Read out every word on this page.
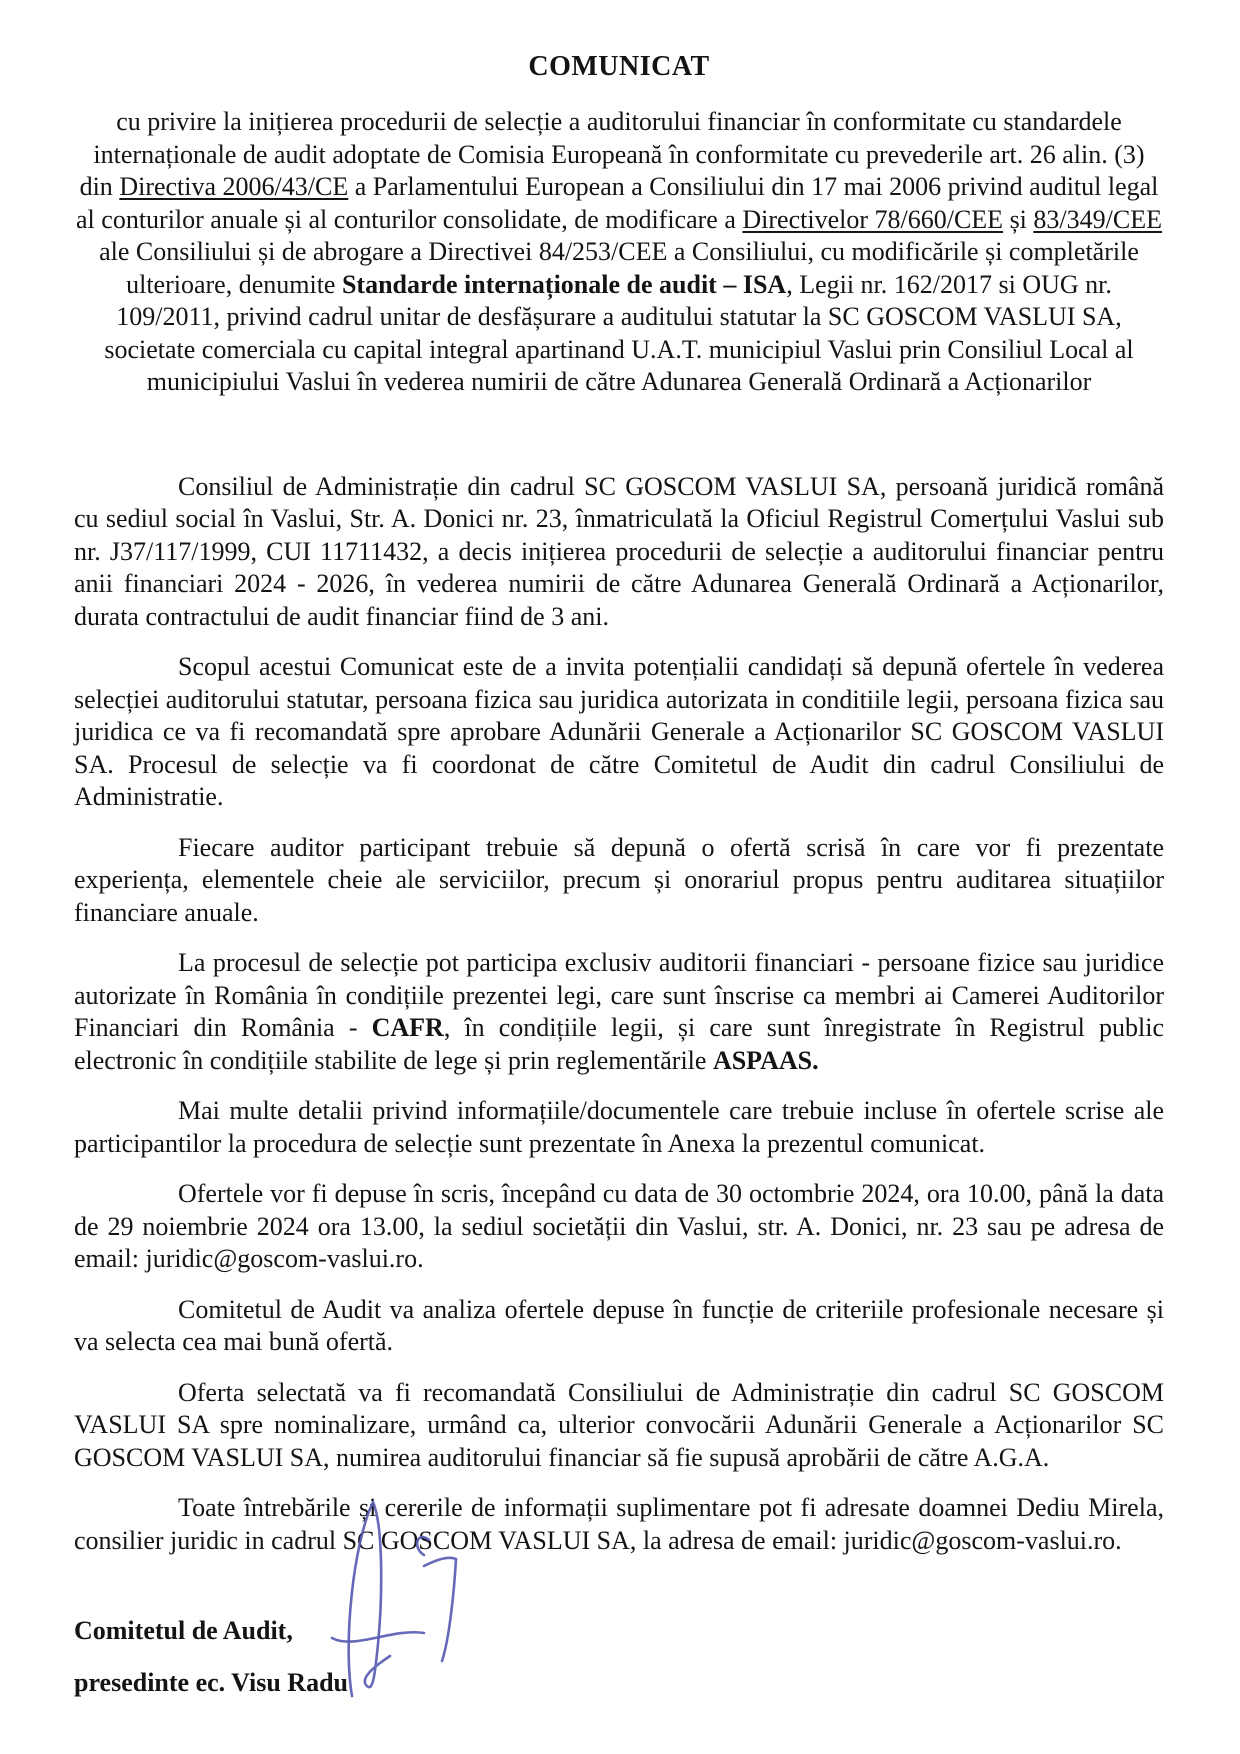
COMUNICAT

cu privire la inițierea procedurii de selecție a auditorului financiar în conformitate cu standardele internaționale de audit adoptate de Comisia Europeană în conformitate cu prevederile art. 26 alin. (3) din Directiva 2006/43/CE a Parlamentului European a Consiliului din 17 mai 2006 privind auditul legal al conturilor anuale și al conturilor consolidate, de modificare a Directivelor 78/660/CEE și 83/349/CEE ale Consiliului și de abrogare a Directivei 84/253/CEE a Consiliului, cu modificările și completările ulterioare, denumite Standarde internaționale de audit – ISA, Legii nr. 162/2017 si OUG nr. 109/2011, privind cadrul unitar de desfășurare a auditului statutar la SC GOSCOM VASLUI SA, societate comerciala cu capital integral apartinand U.A.T. municipiul Vaslui prin Consiliul Local al municipiului Vaslui în vederea numirii de către Adunarea Generală Ordinară a Acționarilor

Consiliul de Administrație din cadrul SC GOSCOM VASLUI SA, persoană juridică română cu sediul social în Vaslui, Str. A. Donici nr. 23, înmatriculată la Oficiul Registrul Comerțului Vaslui sub nr. J37/117/1999, CUI 11711432, a decis inițierea procedurii de selecție a auditorului financiar pentru anii financiari 2024 - 2026, în vederea numirii de către Adunarea Generală Ordinară a Acționarilor, durata contractului de audit financiar fiind de 3 ani.

Scopul acestui Comunicat este de a invita potențialii candidați să depună ofertele în vederea selecției auditorului statutar, persoana fizica sau juridica autorizata in conditiile legii, persoana fizica sau juridica ce va fi recomandată spre aprobare Adunării Generale a Acționarilor SC GOSCOM VASLUI SA. Procesul de selecție va fi coordonat de către Comitetul de Audit din cadrul Consiliului de Administratie.

Fiecare auditor participant trebuie să depună o ofertă scrisă în care vor fi prezentate experiența, elementele cheie ale serviciilor, precum și onorariul propus pentru auditarea situațiilor financiare anuale.

La procesul de selecție pot participa exclusiv auditorii financiari - persoane fizice sau juridice autorizate în România în condițiile prezentei legi, care sunt înscrise ca membri ai Camerei Auditorilor Financiari din România - CAFR, în condițiile legii, și care sunt înregistrate în Registrul public electronic în condițiile stabilite de lege și prin reglementările ASPAAS.

Mai multe detalii privind informațiile/documentele care trebuie incluse în ofertele scrise ale participantilor la procedura de selecție sunt prezentate în Anexa la prezentul comunicat.

Ofertele vor fi depuse în scris, începând cu data de 30 octombrie 2024, ora 10.00, până la data de 29 noiembrie 2024 ora 13.00, la sediul societății din Vaslui, str. A. Donici, nr. 23 sau pe adresa de email: juridic@goscom-vaslui.ro.

Comitetul de Audit va analiza ofertele depuse în funcție de criteriile profesionale necesare și va selecta cea mai bună ofertă.

Oferta selectată va fi recomandată Consiliului de Administrație din cadrul SC GOSCOM VASLUI SA spre nominalizare, urmând ca, ulterior convocării Adunării Generale a Acționarilor SC GOSCOM VASLUI SA, numirea auditorului financiar să fie supusă aprobării de către A.G.A.

Toate întrebările și cererile de informații suplimentare pot fi adresate doamnei Dediu Mirela, consilier juridic in cadrul SC GOSCOM VASLUI SA, la adresa de email: juridic@goscom-vaslui.ro.

Comitetul de Audit,

presedinte ec. Visu Radu
